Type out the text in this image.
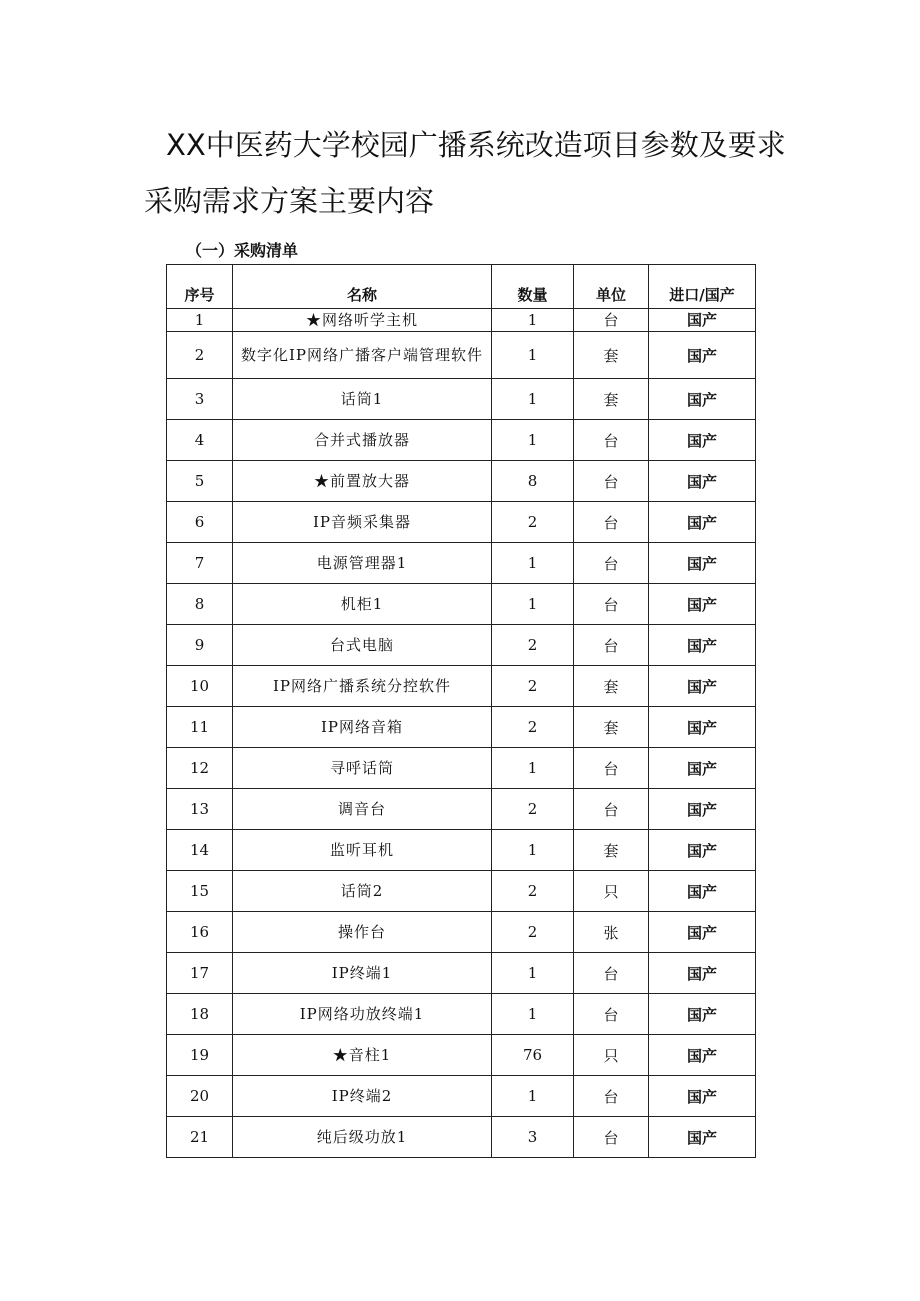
XX中医药大学校园广播系统改造项目参数及要求
采购需求方案主要内容
（一）采购清单
序号	名称	数量	单位	进口/国产
1	★网络听学主机	1	台	国产
2	数字化IP网络广播客户端管理软件	1	套	国产
3	话筒1	1	套	国产
4	合并式播放器	1	台	国产
5	★前置放大器	8	台	国产
6	IP音频采集器	2	台	国产
7	电源管理器1	1	台	国产
8	机柜1	1	台	国产
9	台式电脑	2	台	国产
10	IP网络广播系统分控软件	2	套	国产
11	IP网络音箱	2	套	国产
12	寻呼话筒	1	台	国产
13	调音台	2	台	国产
14	监听耳机	1	套	国产
15	话筒2	2	只	国产
16	操作台	2	张	国产
17	IP终端1	1	台	国产
18	IP网络功放终端1	1	台	国产
19	★音柱1	76	只	国产
20	IP终端2	1	台	国产
21	纯后级功放1	3	台	国产
